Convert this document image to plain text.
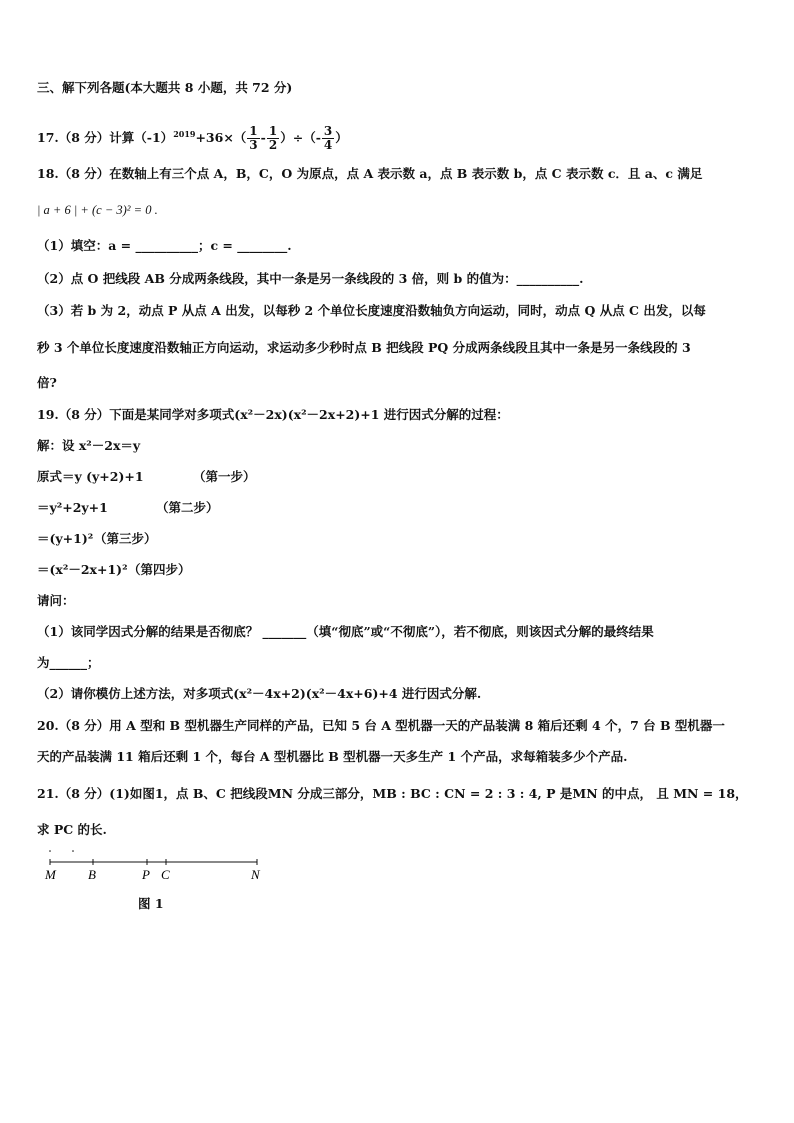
三、解下列各题(本大题共 8 小题，共 72 分)
17.（8 分）计算$(-1)^{2019}+36\times( \frac{1}{3} - \frac{1}{2}$ ）÷（- $\frac{3}{4}$ ）
18.（8 分）在数轴上有三个点 A，B，C，O 为原点，点 A 表示数 a，点 B 表示数 b，点 C 表示数 c．且 a、c 满足
| a + 6 | + (c − 3)² = 0 .
（1）填空：a = __________；c = ________.
（2）点 O 把线段 AB 分成两条线段，其中一条是另一条线段的 3 倍，则 b 的值为：__________.
（3）若 b 为 2，动点 P 从点 A 出发，以每秒 2 个单位长度速度沿数轴负方向运动，同时，动点 Q 从点 C 出发，以每
秒 3 个单位长度速度沿数轴正方向运动，求运动多少秒时点 B 把线段 PQ 分成两条线段且其中一条是另一条线段的 3
倍?
19.（8 分）下面是某同学对多项式(x²－2x)(x²－2x+2)+1 进行因式分解的过程：
解：设 x²－2x＝y
原式＝y (y+2)+1	（第一步）
＝y²+2y+1	（第二步）
＝(y+1)² （第三步）
＝(x²－2x+1)² （第四步）
请问：
（1）该同学因式分解的结果是否彻底？ _______（填“彻底”或“不彻底”），若不彻底，则该因式分解的最终结果
为______；
（2）请你模仿上述方法，对多项式(x²－4x+2)(x²－4x+6)+4 进行因式分解.
20.（8 分）用 A 型和 B 型机器生产同样的产品，已知 5 台 A 型机器一天的产品装满 8 箱后还剩 4 个，7 台 B 型机器一
天的产品装满 11 箱后还剩 1 个，每台 A 型机器比 B 型机器一天多生产 1 个产品，求每箱装多少个产品.
21.（8 分）(1)如图1，点 B、C 把线段MN 分成三部分，MB : BC : CN = 2 : 3 : 4, P 是MN 的中点， 且 MN = 18，
求 PC 的长.
M B	P C	N
图 1
